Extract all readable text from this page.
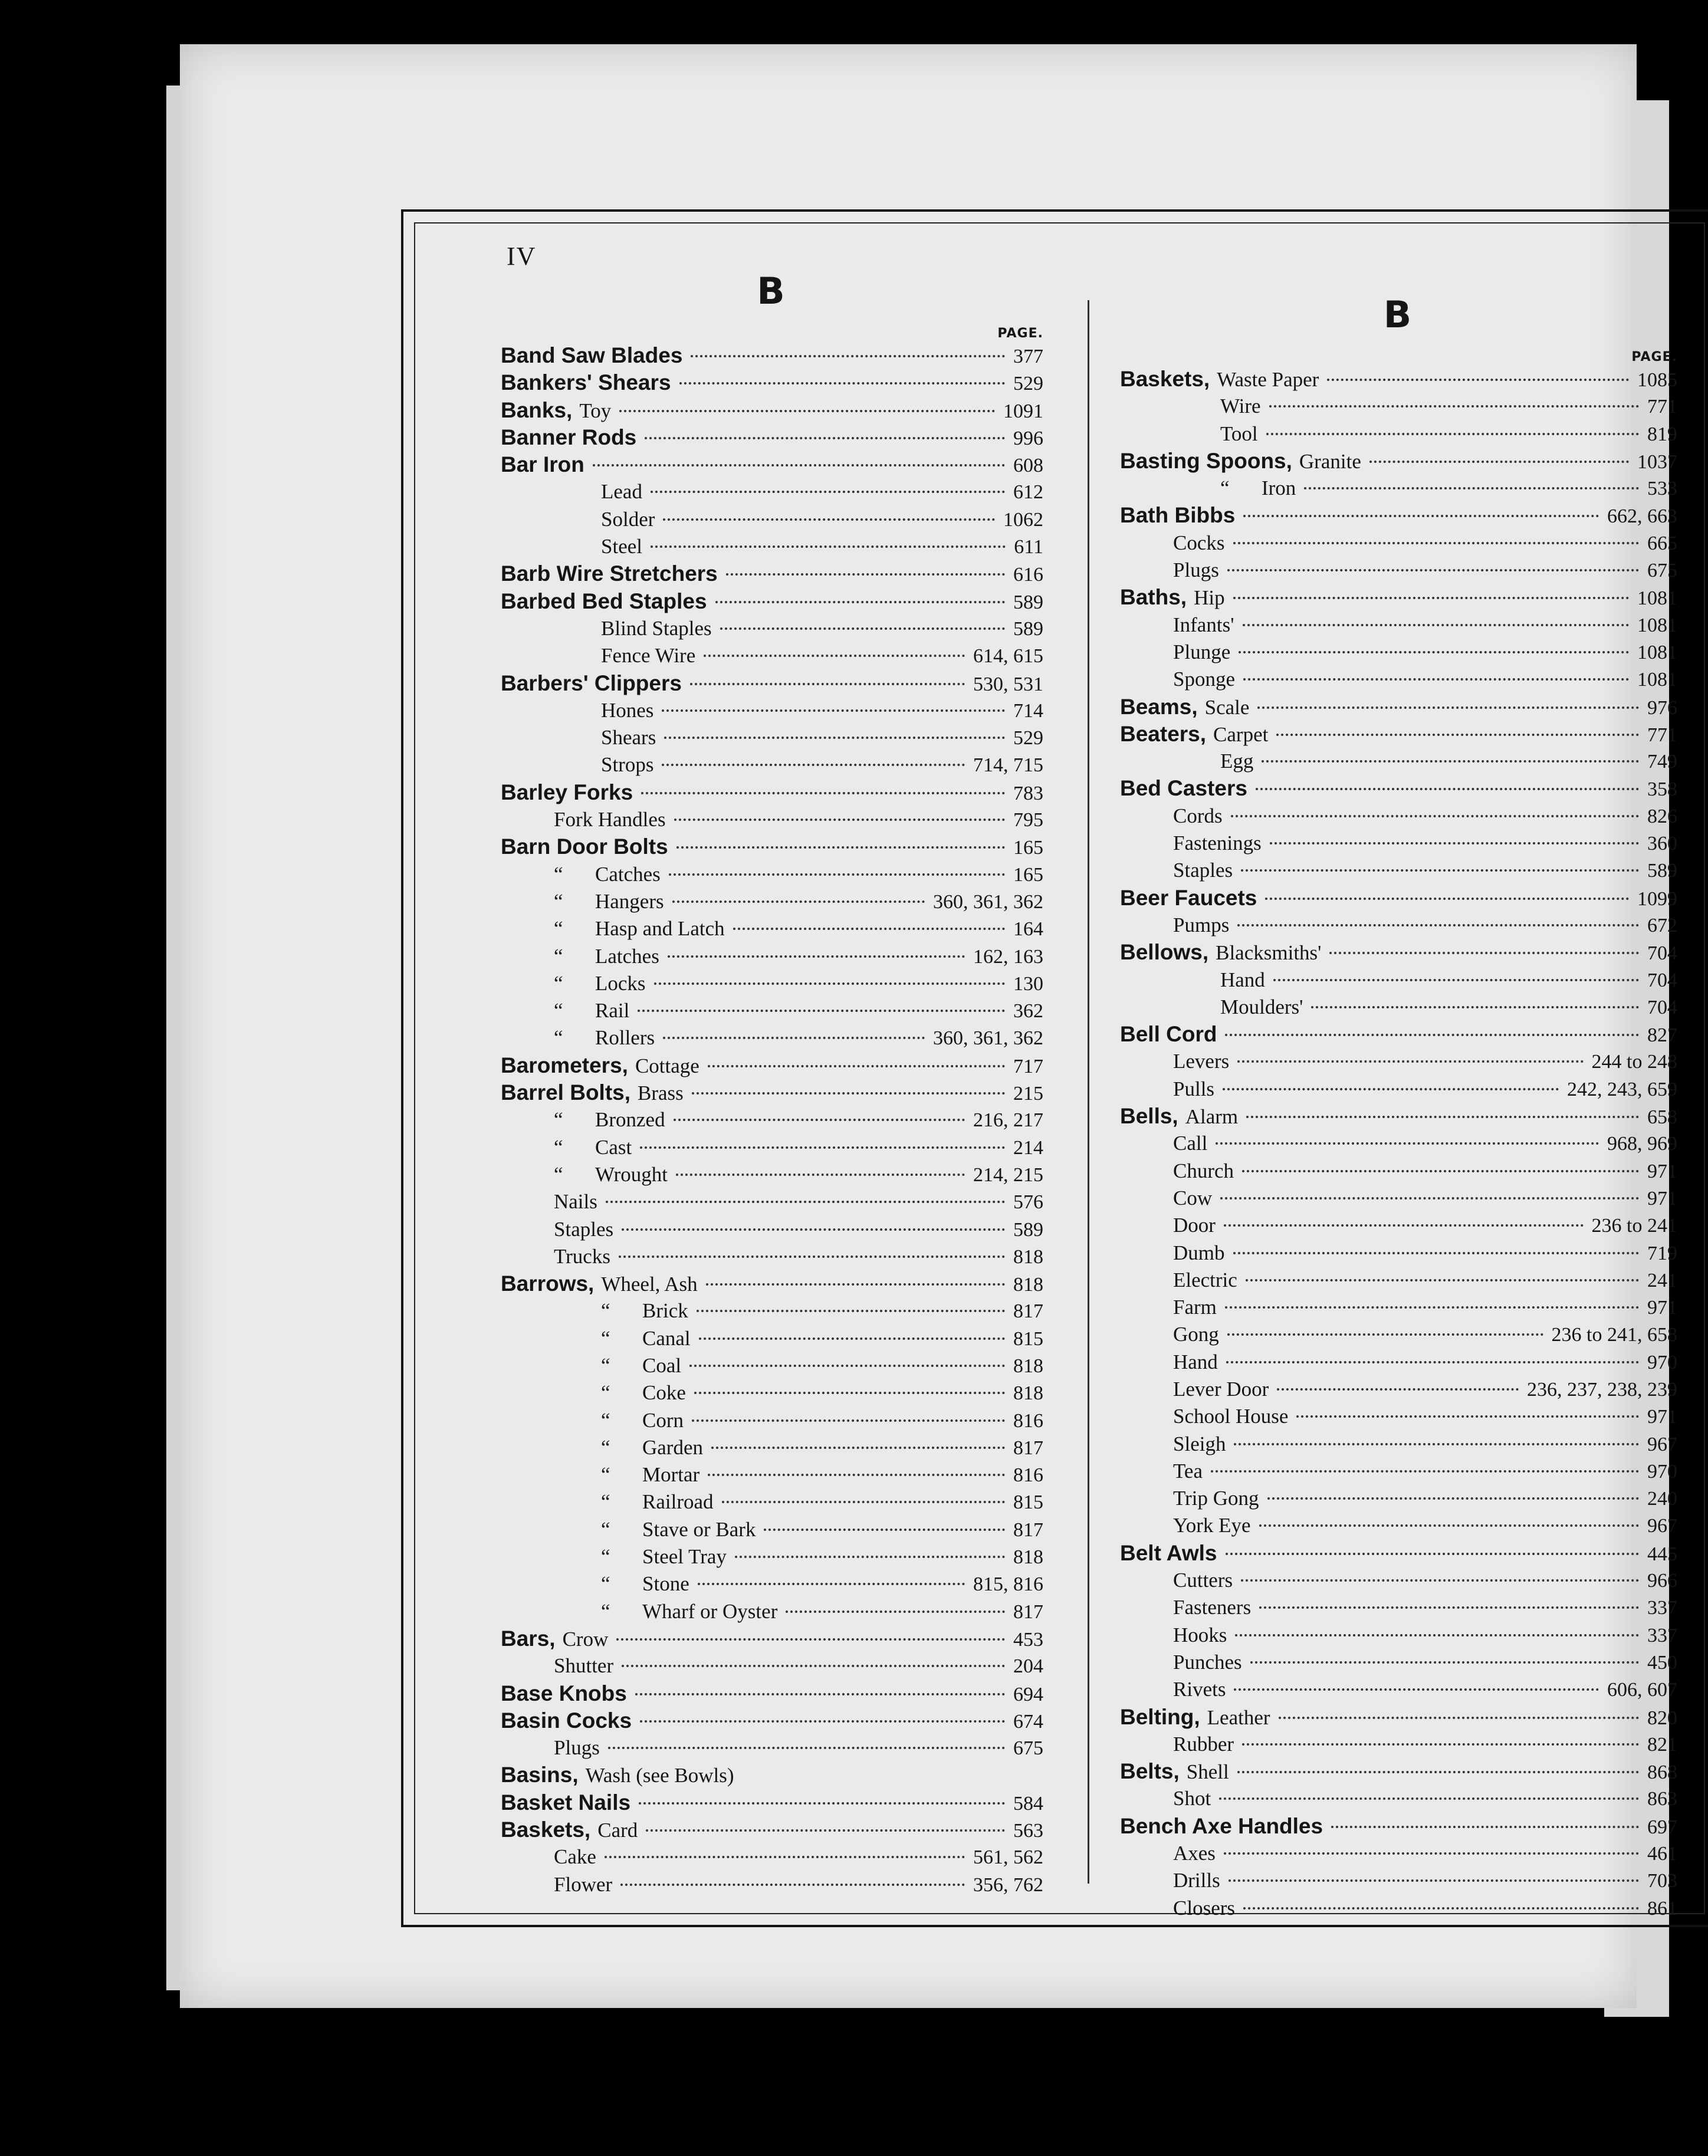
IV
B
PAGE.
Band Saw Blades	377
Bankers' Shears	529
Banks, Toy	1091
Banner Rods	996
Bar Iron	608
Lead	612
Solder	1062
Steel	611
Barb Wire Stretchers	616
Barbed Bed Staples	589
Blind Staples	589
Fence Wire	614, 615
Barbers' Clippers	530, 531
Hones	714
Shears	529
Strops	714, 715
Barley Forks	783
Fork Handles	795
Barn Door Bolts	165
“	Catches	165
“	Hangers	360, 361, 362
“	Hasp and Latch	164
“	Latches	162, 163
“	Locks	130
“	Rail	362
“	Rollers	360, 361, 362
Barometers, Cottage	717
Barrel Bolts, Brass	215
“	Bronzed	216, 217
“	Cast	214
“	Wrought	214, 215
Nails	576
Staples	589
Trucks	818
Barrows, Wheel, Ash	818
“	Brick	817
“	Canal	815
“	Coal	818
“	Coke	818
“	Corn	816
“	Garden	817
“	Mortar	816
“	Railroad	815
“	Stave or Bark	817
“	Steel Tray	818
“	Stone	815, 816
“	Wharf or Oyster	817
Bars, Crow	453
Shutter	204
Base Knobs	694
Basin Cocks	674
Plugs	675
Basins, Wash (see Bowls)
Basket Nails	584
Baskets, Card	563
Cake	561, 562
Flower	356, 762
B
PAGE.
Baskets, Waste Paper	1085
Wire	771
Tool	819
Basting Spoons, Granite	1037
“	Iron	533
Bath Bibbs	662, 663
Cocks	665
Plugs	675
Baths, Hip	1081
Infants'	1081
Plunge	1081
Sponge	1081
Beams, Scale	976
Beaters, Carpet	771
Egg	749
Bed Casters	358
Cords	826
Fastenings	360
Staples	589
Beer Faucets	1099
Pumps	672
Bellows, Blacksmiths'	704
Hand	704
Moulders'	704
Bell Cord	827
Levers	244 to 248
Pulls	242, 243, 659
Bells, Alarm	658
Call	968, 969
Church	971
Cow	971
Door	236 to 241
Dumb	719
Electric	241
Farm	971
Gong	236 to 241, 658
Hand	970
Lever Door	236, 237, 238, 239
School House	971
Sleigh	967
Tea	970
Trip Gong	240
York Eye	967
Belt Awls	445
Cutters	966
Fasteners	337
Hooks	337
Punches	450
Rivets	606, 607
Belting, Leather	820
Rubber	821
Belts, Shell	868
Shot	863
Bench Axe Handles	697
Axes	461
Drills	703
Closers	861
